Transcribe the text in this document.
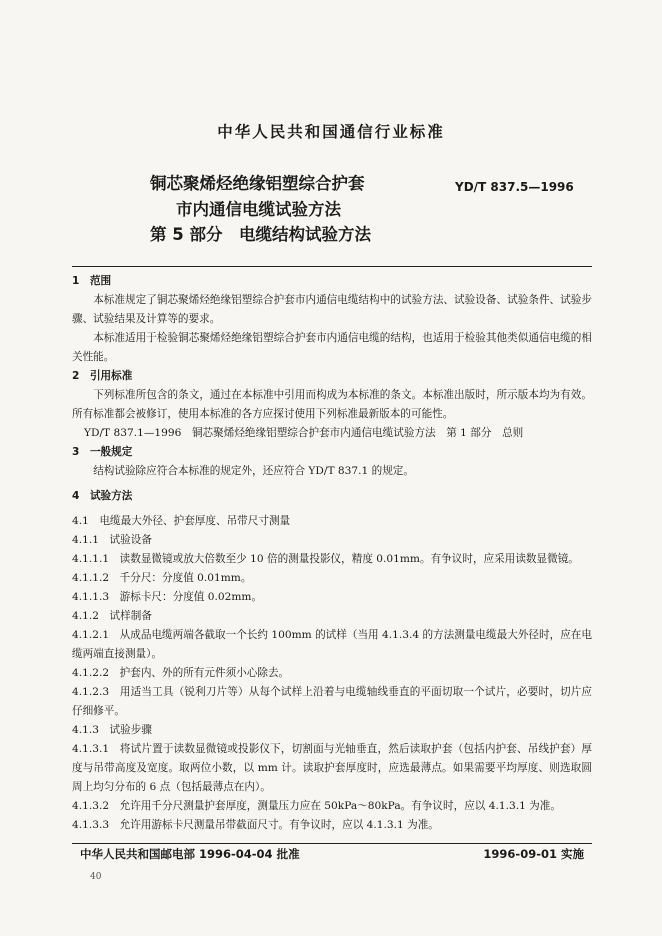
中华人民共和国通信行业标准
铜芯聚烯烃绝缘铝塑综合护套
市内通信电缆试验方法
第 5 部分　电缆结构试验方法
YD/T 837.5—1996

1　范围

本标准规定了铜芯聚烯烃绝缘铝塑综合护套市内通信电缆结构中的试验方法、试验设备、试验条件、试验步骤、试验结果及计算等的要求。

本标准适用于检验铜芯聚烯烃绝缘铝塑综合护套市内通信电缆的结构，也适用于检验其他类似通信电缆的相关性能。

2　引用标准

下列标准所包含的条文，通过在本标准中引用而构成为本标准的条文。本标准出版时，所示版本均为有效。所有标准都会被修订，使用本标准的各方应探讨使用下列标准最新版本的可能性。

YD/T 837.1—1996　铜芯聚烯烃绝缘铝塑综合护套市内通信电缆试验方法　第 1 部分　总则

3　一般规定

结构试验除应符合本标准的规定外，还应符合 YD/T 837.1 的规定。

4　试验方法

4.1　电缆最大外径、护套厚度、吊带尺寸测量

4.1.1　试验设备

4.1.1.1　读数显微镜或放大倍数至少 10 倍的测量投影仪，精度 0.01mm。有争议时，应采用读数显微镜。

4.1.1.2　千分尺：分度值 0.01mm。

4.1.1.3　游标卡尺：分度值 0.02mm。

4.1.2　试样制备

4.1.2.1　从成品电缆两端各截取一个长约 100mm 的试样（当用 4.1.3.4 的方法测量电缆最大外径时，应在电缆两端直接测量）。

4.1.2.2　护套内、外的所有元件须小心除去。

4.1.2.3　用适当工具（锐利刀片等）从每个试样上沿着与电缆轴线垂直的平面切取一个试片，必要时，切片应仔细修平。

4.1.3　试验步骤

4.1.3.1　将试片置于读数显微镜或投影仪下，切割面与光轴垂直，然后读取护套（包括内护套、吊线护套）厚度与吊带高度及宽度。取两位小数，以 mm 计。读取护套厚度时，应选最薄点。如果需要平均厚度、则选取圆周上均匀分布的 6 点（包括最薄点在内）。

4.1.3.2　允许用千分尺测量护套厚度，测量压力应在 50kPa～80kPa。有争议时，应以 4.1.3.1 为准。

4.1.3.3　允许用游标卡尺测量吊带截面尺寸。有争议时，应以 4.1.3.1 为准。

中华人民共和国邮电部 1996-04-04 批准	1996-09-01 实施
40
